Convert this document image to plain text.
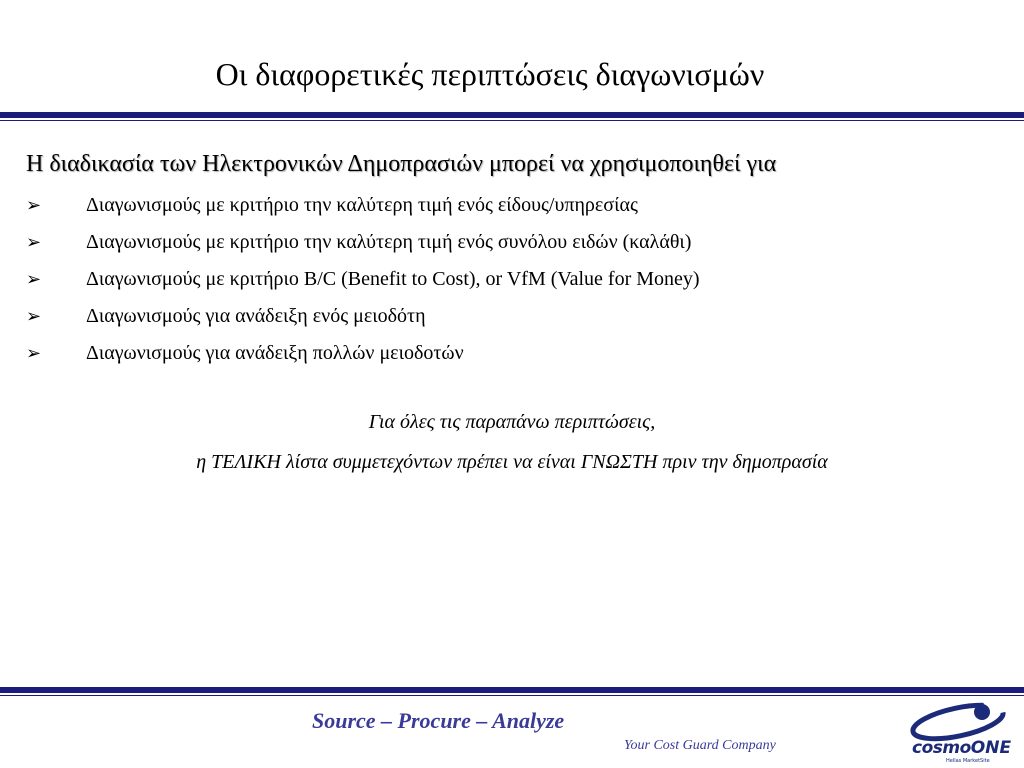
Οι διαφορετικές περιπτώσεις διαγωνισμών

Η διαδικασία των Ηλεκτρονικών Δημοπρασιών μπορεί να χρησιμοποιηθεί για

➢	Διαγωνισμούς με κριτήριο την καλύτερη τιμή ενός είδους/υπηρεσίας
➢	Διαγωνισμούς με κριτήριο την καλύτερη τιμή ενός συνόλου ειδών (καλάθι)
➢	Διαγωνισμούς με κριτήριο B/C (Benefit to Cost), or VfM (Value for Money)
➢	Διαγωνισμούς για ανάδειξη ενός μειοδότη
➢	Διαγωνισμούς για ανάδειξη πολλών μειοδοτών

Για όλες τις παραπάνω περιπτώσεις,

η ΤΕΛΙΚΗ λίστα συμμετεχόντων πρέπει να είναι ΓΝΩΣΤΗ πριν την δημοπρασία

Source – Procure – Analyze

Your Cost Guard Company	cosmoONE
Hellas MarketSite
